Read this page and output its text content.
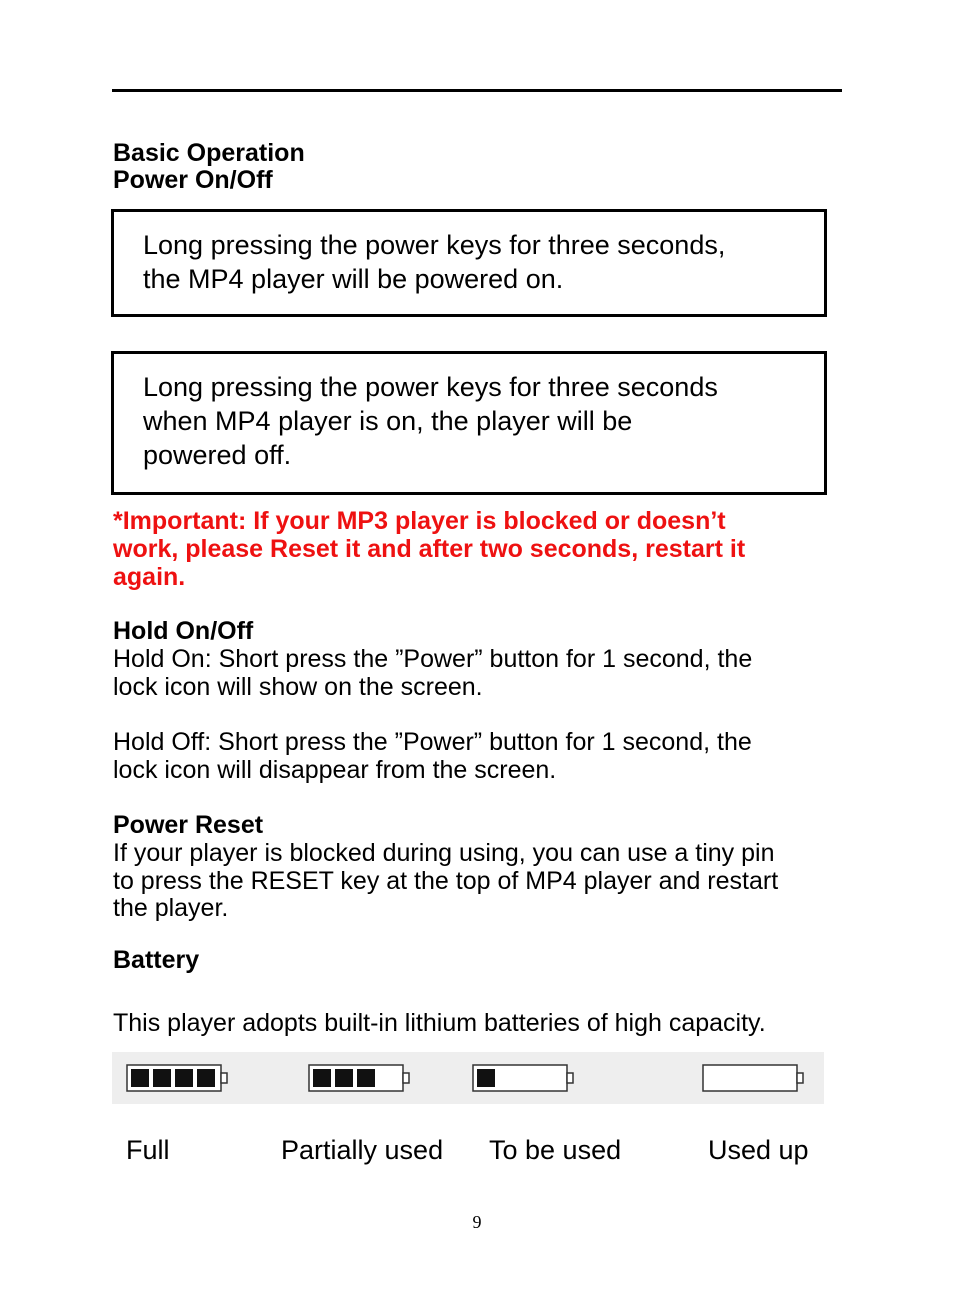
Basic Operation

Power On/Off

Long pressing the power keys for three seconds,

the MP4 player will be powered on.

Long pressing the power keys for three seconds

when MP4 player is on, the player will be

powered off.

*Important: If your MP3 player is blocked or doesn’t

work, please Reset it and after two seconds, restart it

again.

Hold On/Off

Hold On: Short press the ”Power” button for 1 second, the

lock icon will show on the screen.

Hold Off: Short press the ”Power” button for 1 second, the

lock icon will disappear from the screen.

Power Reset

If your player is blocked during using, you can use a tiny pin

to press the RESET key at the top of MP4 player and restart

the player.

Battery

This player adopts built-in lithium batteries of high capacity.

Full	Partially used To be used	Used up

9
